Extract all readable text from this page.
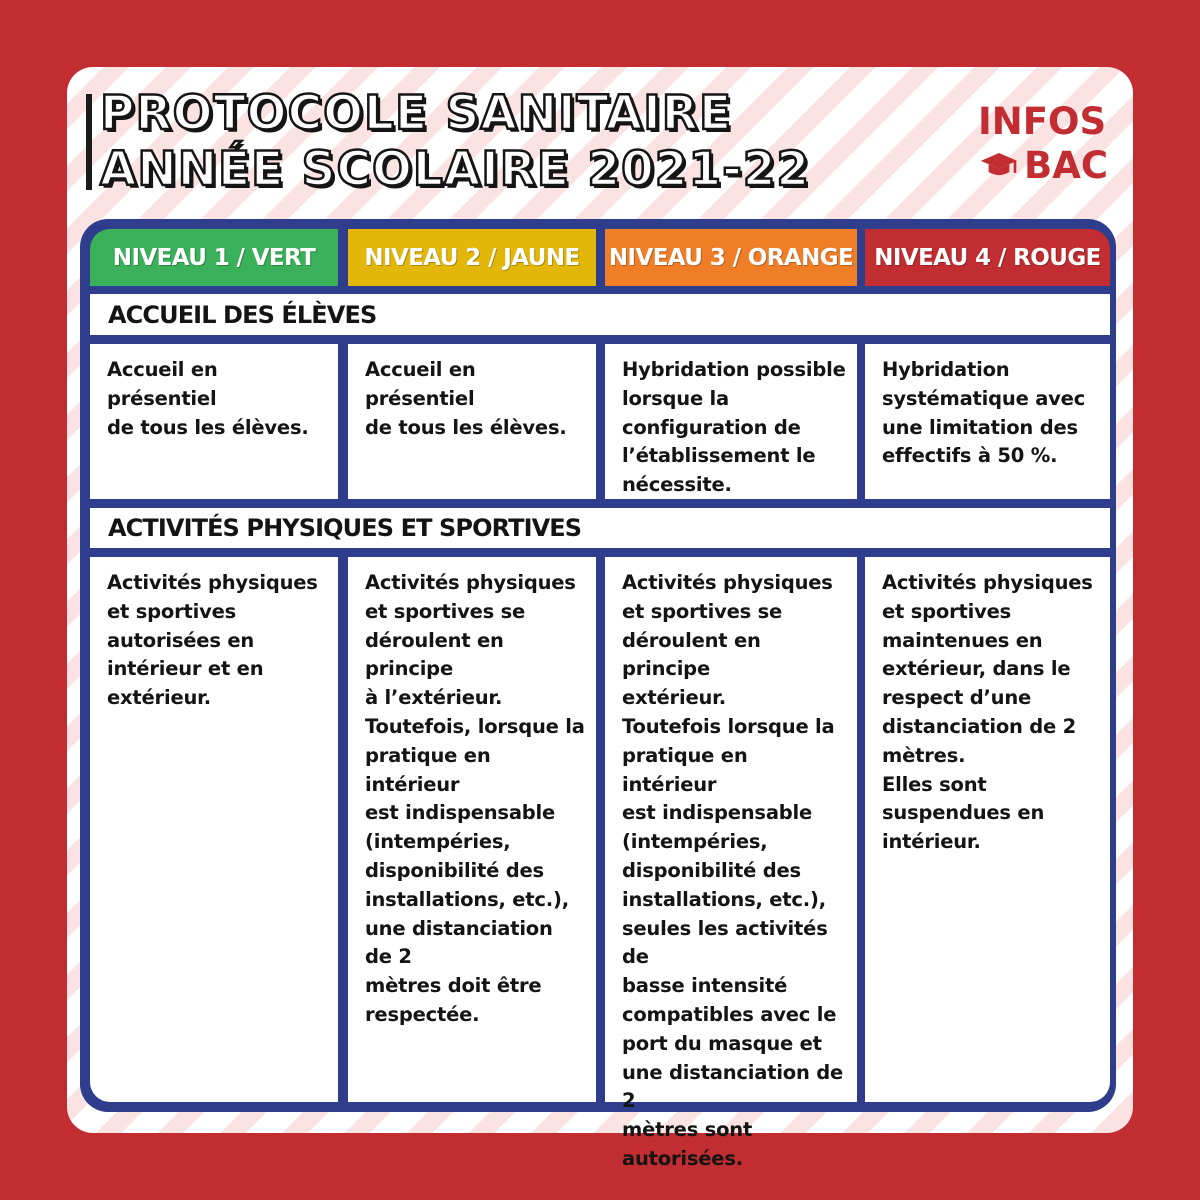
PROTOCOLE SANITAIRE
ANNÉE SCOLAIRE 2021-22
INFOS
BAC
NIVEAU 1 / VERT	NIVEAU 2 / JAUNE	NIVEAU 3 / ORANGE NIVEAU 4 / ROUGE
ACCUEIL DES ÉLÈVES
Accueil en présentiel
de tous les élèves.
Accueil en présentiel
de tous les élèves.
Hybridation possible
lorsque la
configuration de
l’établissement le
nécessite.
Hybridation
systématique avec
une limitation des
effectifs à 50 %.
ACTIVITÉS PHYSIQUES ET SPORTIVES
Activités physiques
et sportives
autorisées en
intérieur et en
extérieur.
Activités physiques
et sportives se
déroulent en principe
à l’extérieur.
Toutefois, lorsque la
pratique en intérieur
est indispensable
(intempéries,
disponibilité des
installations, etc.),
une distanciation de 2
mètres doit être
respectée.
Activités physiques
et sportives se
déroulent en principe
extérieur.
Toutefois lorsque la
pratique en intérieur
est indispensable
(intempéries,
disponibilité des
installations, etc.),
seules les activités de
basse intensité
compatibles avec le
port du masque et
une distanciation de 2
mètres sont
autorisées.
Activités physiques
et sportives
maintenues en
extérieur, dans le
respect d’une
distanciation de 2
mètres.
Elles sont
suspendues en
intérieur.
